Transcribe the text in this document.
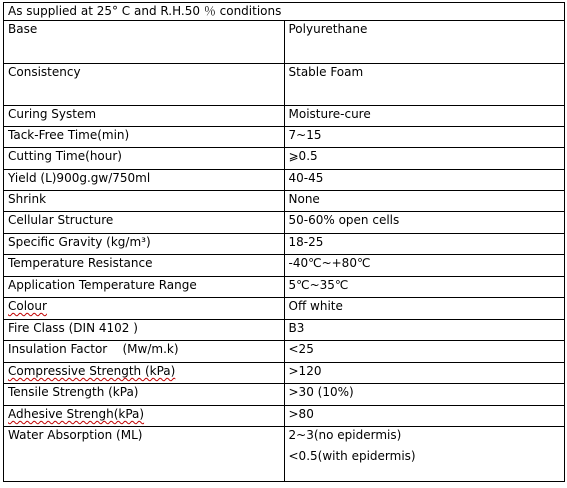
As supplied at 25° C and R.H.50 ％ conditions	
Base	Polyurethane
Consistency	Stable Foam
Curing System	Moisture-cure
Tack-Free Time(min)	7~15
Cutting Time(hour)	⩾0.5
Yield (L)900g.gw/750ml	40-45
Shrink	None
Cellular Structure	50-60% open cells
Specific Gravity (kg/m³)	18-25
Temperature Resistance	-40℃~+80℃
Application Temperature Range	5℃~35℃
Colour	Off white
Fire Class (DIN 4102 )	B3
Insulation Factor    (Mw/m.k)	<25
Compressive Strength (kPa)	>120
Tensile Strength (kPa)	>30 (10%)
Adhesive Strengh(kPa)	>80
Water Absorption (ML)	2~3(no epidermis)
<0.5(with epidermis)
